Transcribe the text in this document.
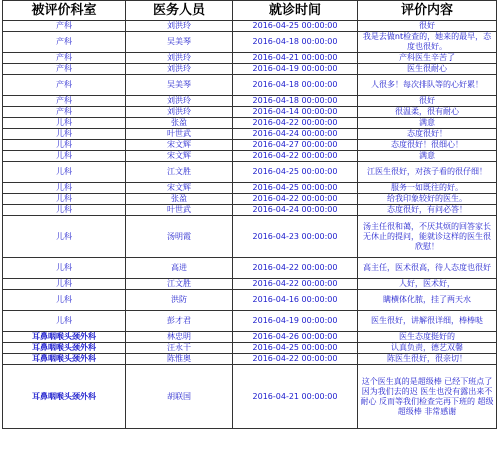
被评价科室	医务人员	就诊时间	评价内容
产科	刘洪玲	2016-04-25 00:00:00	很好
产科	吴美琴	2016-04-18 00:00:00	我是去做nt检查的，她来的最早，态度也很好。
产科	刘洪玲	2016-04-21 00:00:00	产科医生辛苦了
产科	刘洪玲	2016-04-19 00:00:00	医生很耐心
产科	吴美琴	2016-04-18 00:00:00	人很多！每次排队等的心好累！
产科	刘洪玲	2016-04-18 00:00:00	很好
产科	刘洪玲	2016-04-14 00:00:00	很温柔，很有耐心
儿科	张盈	2016-04-22 00:00:00	满意
儿科	叶世武	2016-04-24 00:00:00	态度很好！
儿科	宋文辉	2016-04-27 00:00:00	态度很好！很细心！
儿科	宋文辉	2016-04-22 00:00:00	满意
儿科	江文胜	2016-04-25 00:00:00	江医生很好，对孩子看的很仔细！
儿科	宋文辉	2016-04-25 00:00:00	服务一如既往的好。
儿科	张盈	2016-04-22 00:00:00	给我印象较好的医生。
儿科	叶世武	2016-04-24 00:00:00	态度很好，有问必答！
儿科	汤明霞	2016-04-23 00:00:00	汤主任很和蔼，不厌其烦的回答家长无休止的提问，能就诊这样的医生很 欣慰！
儿科	高进	2016-04-22 00:00:00	高主任，医术很高，待人态度也很好
儿科	江文胜	2016-04-22 00:00:00	人好，医术好，
儿科	洪防	2016-04-16 00:00:00	瞒横体化脓，挂了两天水
儿科	彭才君	2016-04-19 00:00:00	医生很好，讲解很详细，棒棒哒
耳鼻咽喉头颈外科	林忠明	2016-04-26 00:00:00	医生态度挺好的
耳鼻咽喉头颈外科	汪永干	2016-04-25 00:00:00	认真负责，德艺双馨
耳鼻咽喉头颈外科	陈惟奥	2016-04-22 00:00:00	陈医生很好，很亲切！
耳鼻咽喉头颈外科	胡联国	2016-04-21 00:00:00	这个医生真的是超级棒 已经下班点了 因为我们去的迟 医生也没有露出来不耐心 反而等我们检查完再下班的 超级超级棒 非常感谢
